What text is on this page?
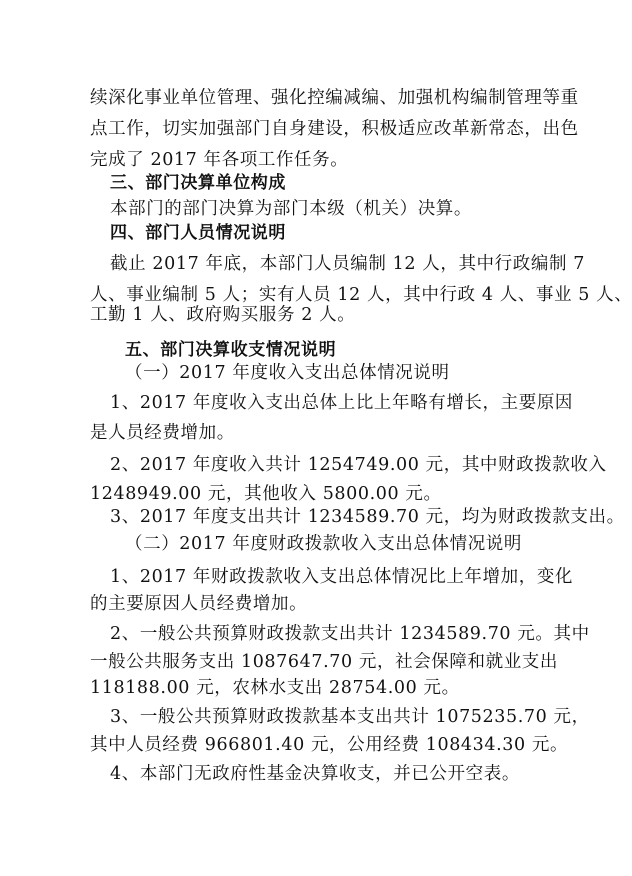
续深化事业单位管理、强化控编减编、加强机构编制管理等重
点工作，切实加强部门自身建设，积极适应改革新常态，出色
完成了 2017 年各项工作任务。
三、部门决算单位构成
本部门的部门决算为部门本级（机关）决算。
四、部门人员情况说明
截止 2017 年底，本部门人员编制 12 人，其中行政编制 7
人、事业编制 5 人；实有人员 12 人，其中行政 4 人、事业 5 人、
工勤 1 人、政府购买服务 2 人。
五、部门决算收支情况说明
（一）2017 年度收入支出总体情况说明
1、2017 年度收入支出总体上比上年略有增长，主要原因
是人员经费增加。
2、2017 年度收入共计 1254749.00 元，其中财政拨款收入
1248949.00 元，其他收入 5800.00 元。
3、2017 年度支出共计 1234589.70 元，均为财政拨款支出。
（二）2017 年度财政拨款收入支出总体情况说明
1、2017 年财政拨款收入支出总体情况比上年增加，变化
的主要原因人员经费增加。
2、一般公共预算财政拨款支出共计 1234589.70 元。其中
一般公共服务支出 1087647.70 元，社会保障和就业支出
118188.00 元，农林水支出 28754.00 元。
3、一般公共预算财政拨款基本支出共计 1075235.70 元，
其中人员经费 966801.40 元，公用经费 108434.30 元。
4、本部门无政府性基金决算收支，并已公开空表。
